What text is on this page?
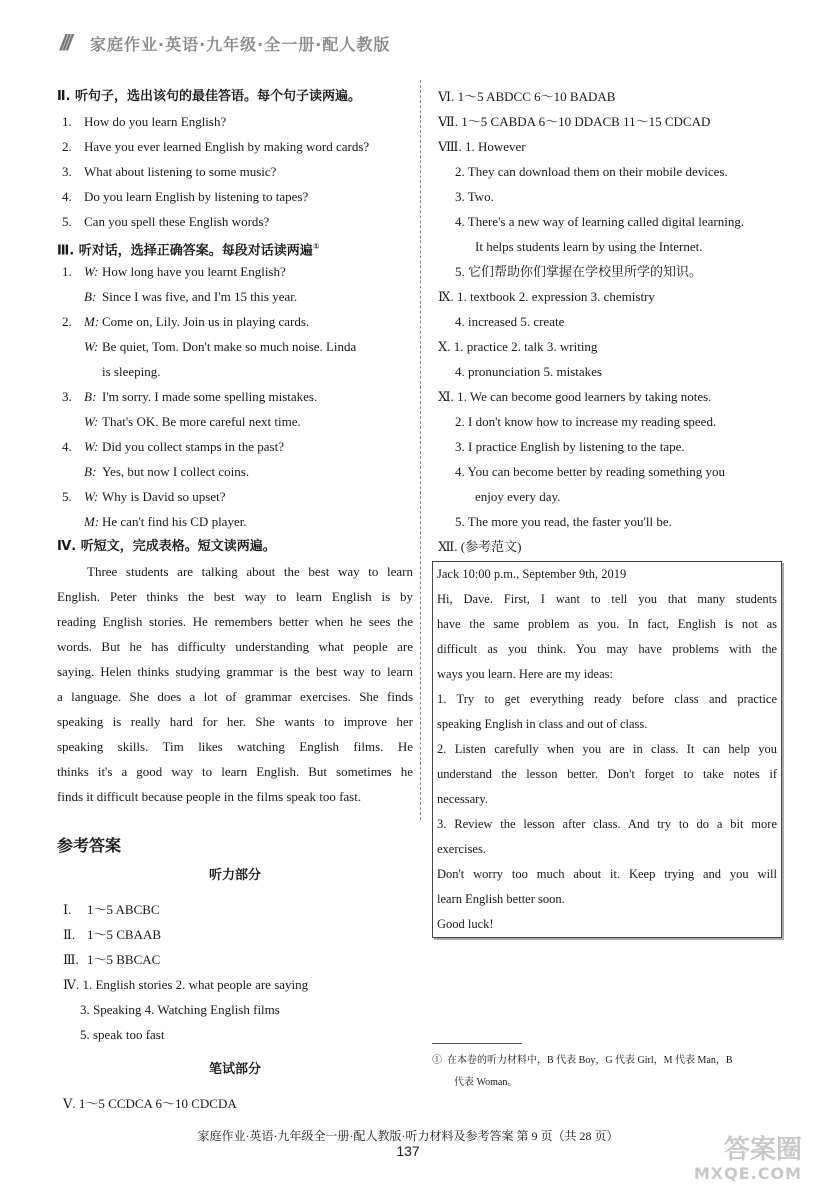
/// 家庭作业·英语·九年级·全一册·配人教版
Ⅱ. 听句子，选出该句的最佳答语。每个句子读两遍。
1. How do you learn English?
2. Have you ever learned English by making word cards?
3. What about listening to some music?
4. Do you learn English by listening to tapes?
5. Can you spell these English words?
Ⅲ. 听对话，选择正确答案。每段对话读两遍①
1. W: How long have you learnt English?
B: Since I was five, and I'm 15 this year.
2. M: Come on, Lily. Join us in playing cards.
W: Be quiet, Tom. Don't make so much noise. Linda
is sleeping.
3. B: I'm sorry. I made some spelling mistakes.
W: That's OK. Be more careful next time.
4. W: Did you collect stamps in the past?
B: Yes, but now I collect coins.
5. W: Why is David so upset?
M: He can't find his CD player.
Ⅳ. 听短文，完成表格。短文读两遍。
Three students are talking about the best way to learn
English. Peter thinks the best way to learn English is by
reading English stories. He remembers better when he sees the
words. But he has difficulty understanding what people are
saying. Helen thinks studying grammar is the best way to learn
a language. She does a lot of grammar exercises. She finds
speaking is really hard for her. She wants to improve her
speaking skills. Tim likes watching English films. He
thinks it's a good way to learn English. But sometimes he
finds it difficult because people in the films speak too fast.
参考答案
听力部分
Ⅰ.	1～5 ABCBC
Ⅱ. 1～5 CBAAB
Ⅲ. 1～5 BBCAC
Ⅳ. 1. English stories 2. what people are saying
3. Speaking 4. Watching English films
5. speak too fast
笔试部分
Ⅴ. 1～5 CCDCA 6～10 CDCDA
Ⅵ. 1～5 ABDCC 6～10 BADAB
Ⅶ. 1～5 CABDA 6～10 DDACB 11～15 CDCAD
Ⅷ. 1. However
2. They can download them on their mobile devices.
3. Two.
4. There's a new way of learning called digital learning.
It helps students learn by using the Internet.
5. 它们帮助你们掌握在学校里所学的知识。
Ⅸ. 1. textbook 2. expression 3. chemistry
4. increased 5. create
Ⅹ. 1. practice 2. talk 3. writing
4. pronunciation 5. mistakes
Ⅺ. 1. We can become good learners by taking notes.
2. I don't know how to increase my reading speed.
3. I practice English by listening to the tape.
4. You can become better by reading something you
enjoy every day.
5. The more you read, the faster you'll be.
Ⅻ. (参考范文)
Jack 10:00 p.m., September 9th, 2019
Hi, Dave. First, I want to tell you that many students
have the same problem as you. In fact, English is not as
difficult as you think. You may have problems with the
ways you learn. Here are my ideas:
1. Try to get everything ready before class and practice
speaking English in class and out of class.
2. Listen carefully when you are in class. It can help you
understand the lesson better. Don't forget to take notes if
necessary.
3. Review the lesson after class. And try to do a bit more
exercises.
Don't worry too much about it. Keep trying and you will
learn English better soon.
Good luck!
① 在本卷的听力材料中，B 代表 Boy，G 代表 Girl，M 代表 Man，B
代表 Woman。
家庭作业·英语·九年级全一册·配人教版·听力材料及参考答案 第 9 页（共 28 页）
137	答案圈
MXQE.COM
